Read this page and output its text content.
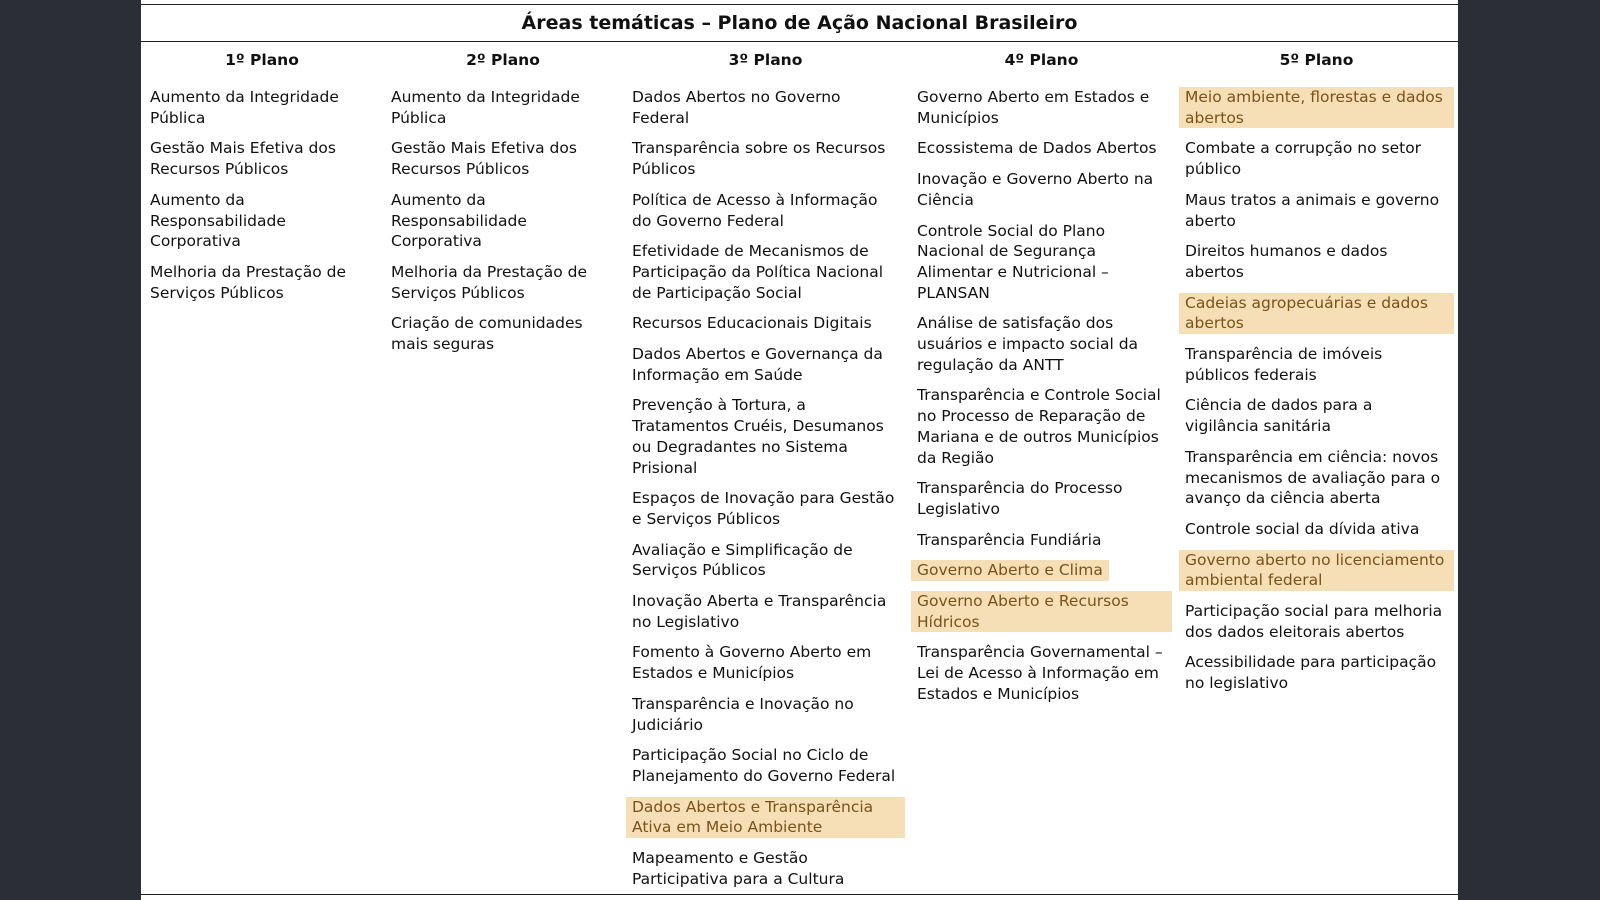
Áreas temáticas – Plano de Ação Nacional Brasileiro
1º Plano
Aumento da Integridade Pública
Gestão Mais Efetiva dos Recursos Públicos
Aumento da Responsabilidade Corporativa
Melhoria da Prestação de Serviços Públicos
2º Plano
Aumento da Integridade Pública
Gestão Mais Efetiva dos Recursos Públicos
Aumento da Responsabilidade Corporativa
Melhoria da Prestação de Serviços Públicos
Criação de comunidades mais seguras
3º Plano
Dados Abertos no Governo Federal
Transparência sobre os Recursos Públicos
Política de Acesso à Informação do Governo Federal
Efetividade de Mecanismos de Participação da Política Nacional de Participação Social
Recursos Educacionais Digitais
Dados Abertos e Governança da Informação em Saúde
Prevenção à Tortura, a Tratamentos Cruéis, Desumanos ou Degradantes no Sistema Prisional
Espaços de Inovação para Gestão e Serviços Públicos
Avaliação e Simplificação de Serviços Públicos
Inovação Aberta e Transparência no Legislativo
Fomento à Governo Aberto em Estados e Municípios
Transparência e Inovação no Judiciário
Participação Social no Ciclo de Planejamento do Governo Federal
Dados Abertos e Transparência Ativa em Meio Ambiente
Mapeamento e Gestão Participativa para a Cultura
4º Plano
Governo Aberto em Estados e Municípios
Ecossistema de Dados Abertos
Inovação e Governo Aberto na Ciência
Controle Social do Plano Nacional de Segurança Alimentar e Nutricional – PLANSAN
Análise de satisfação dos usuários e impacto social da regulação da ANTT
Transparência e Controle Social no Processo de Reparação de Mariana e de outros Municípios da Região
Transparência do Processo Legislativo
Transparência Fundiária
Governo Aberto e Clima
Governo Aberto e Recursos Hídricos
Transparência Governamental – Lei de Acesso à Informação em Estados e Municípios
5º Plano
Meio ambiente, florestas e dados abertos
Combate a corrupção no setor público
Maus tratos a animais e governo aberto
Direitos humanos e dados abertos
Cadeias agropecuárias e dados abertos
Transparência de imóveis públicos federais
Ciência de dados para a vigilância sanitária
Transparência em ciência: novos mecanismos de avaliação para o avanço da ciência aberta
Controle social da dívida ativa
Governo aberto no licenciamento ambiental federal
Participação social para melhoria dos dados eleitorais abertos
Acessibilidade para participação no legislativo
